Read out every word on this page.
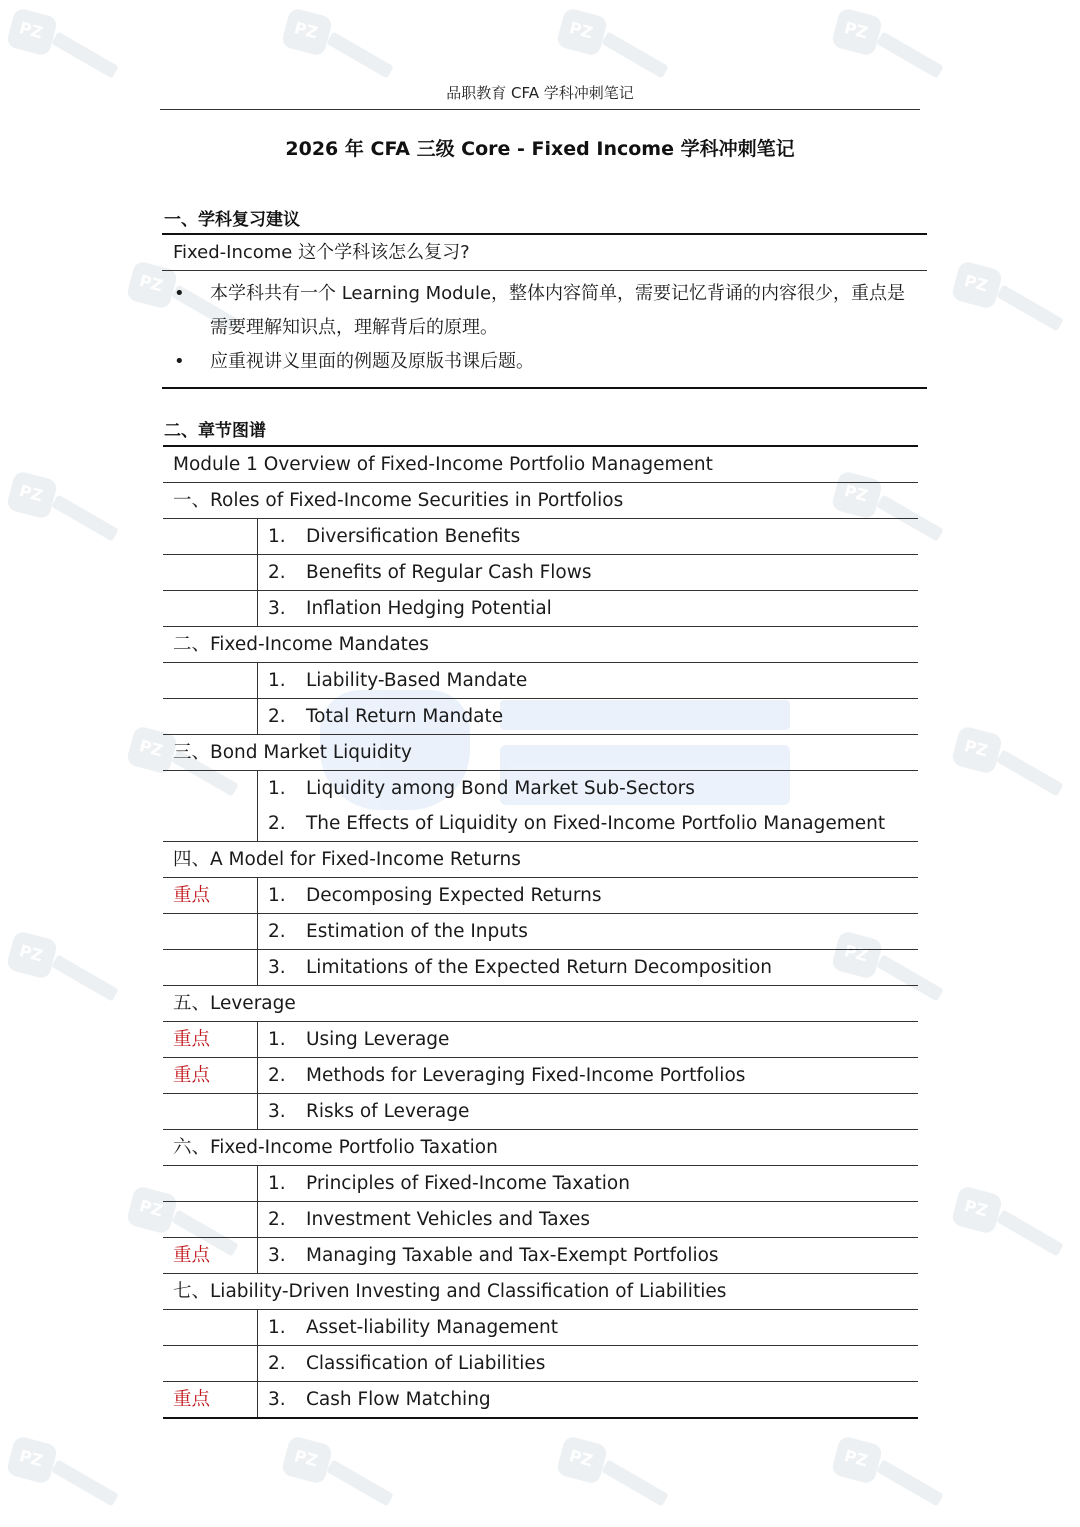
PZ	PZ	PZ	PZ
PZ	PZ
PZ	PZ
PZ	PZ
PZ	PZ
PZ	PZ
PZ	PZ	PZ	PZ
品职教育 CFA 学科冲刺笔记
2026 年 CFA 三级 Core - Fixed Income 学科冲刺笔记
一、学科复习建议
Fixed-Income 这个学科该怎么复习?
• 本学科共有一个 Learning Module，整体内容简单，需要记忆背诵的内容很少，重点是需要理解知识点，理解背后的原理。
• 应重视讲义里面的例题及原版书课后题。
二、章节图谱
Module 1 Overview of Fixed-Income Portfolio Management
一、Roles of Fixed-Income Securities in Portfolios
1.	Diversification Benefits
2.	Benefits of Regular Cash Flows
3.	Inflation Hedging Potential
二、Fixed-Income Mandates
1.	Liability-Based Mandate
2.	Total Return Mandate
三、Bond Market Liquidity
1.	Liquidity among Bond Market Sub-Sectors
2.	The Effects of Liquidity on Fixed-Income Portfolio Management
四、A Model for Fixed-Income Returns
重点	1.	Decomposing Expected Returns
2.	Estimation of the Inputs
3.	Limitations of the Expected Return Decomposition
五、Leverage
重点	1.	Using Leverage
重点	2.	Methods for Leveraging Fixed-Income Portfolios
3.	Risks of Leverage
六、Fixed-Income Portfolio Taxation
1.	Principles of Fixed-Income Taxation
2.	Investment Vehicles and Taxes
重点	3.	Managing Taxable and Tax-Exempt Portfolios
七、Liability-Driven Investing and Classification of Liabilities
1.	Asset-liability Management
2.	Classification of Liabilities
重点	3.	Cash Flow Matching
